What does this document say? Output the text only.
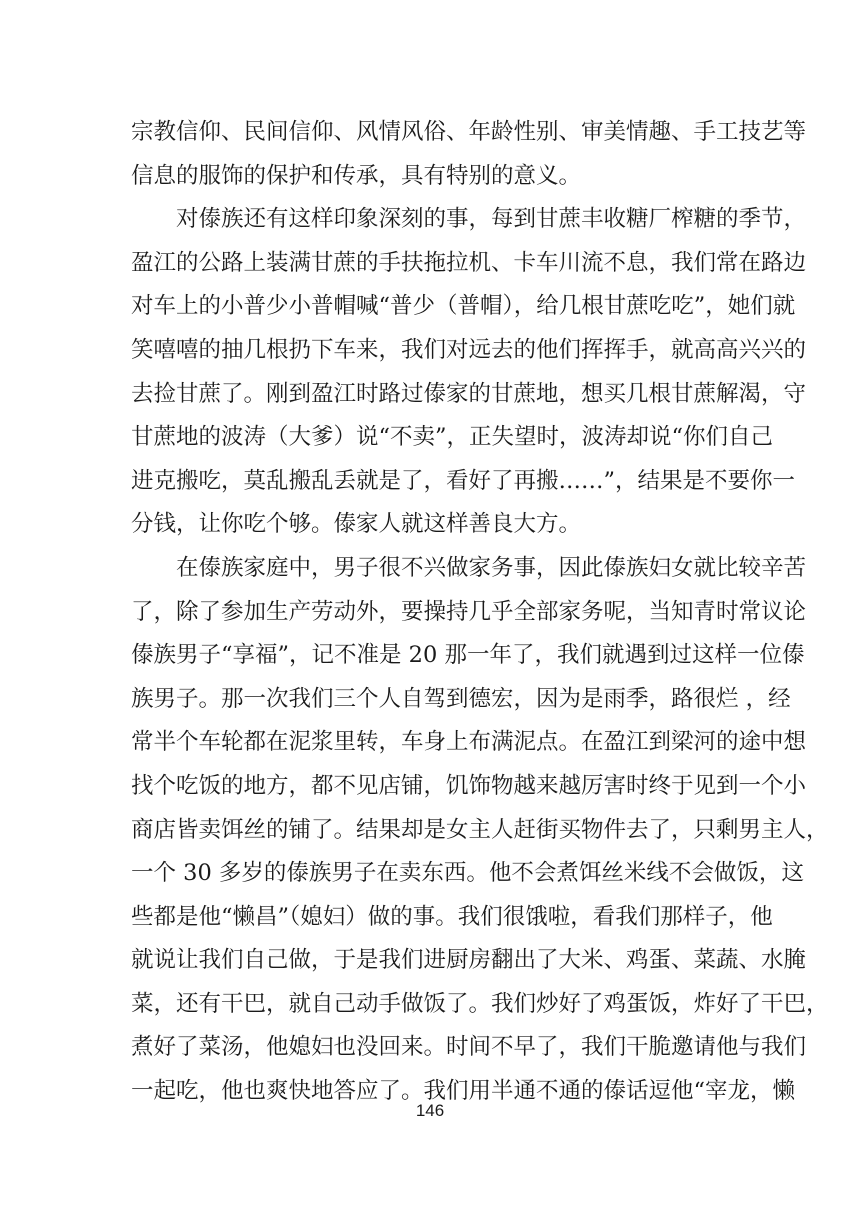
宗教信仰、民间信仰、风情风俗、年龄性别、审美情趣、手工技艺等
信息的服饰的保护和传承，具有特别的意义。
对傣族还有这样印象深刻的事，每到甘蔗丰收糖厂榨糖的季节，
盈江的公路上装满甘蔗的手扶拖拉机、卡车川流不息，我们常在路边
对车上的小普少小普帽喊“普少（普帽），给几根甘蔗吃吃”，她们就
笑嘻嘻的抽几根扔下车来，我们对远去的他们挥挥手，就高高兴兴的
去捡甘蔗了。刚到盈江时路过傣家的甘蔗地，想买几根甘蔗解渴，守
甘蔗地的波涛（大爹）说“不卖”，正失望时，波涛却说“你们自己
进克搬吃，莫乱搬乱丢就是了，看好了再搬……”，结果是不要你一
分钱，让你吃个够。傣家人就这样善良大方。
在傣族家庭中，男子很不兴做家务事，因此傣族妇女就比较辛苦
了，除了参加生产劳动外，要操持几乎全部家务呢，当知青时常议论
傣族男子“享福”，记不准是 20 那一年了，我们就遇到过这样一位傣
族男子。那一次我们三个人自驾到德宏，因为是雨季，路很烂 ，经
常半个车轮都在泥浆里转，车身上布满泥点。在盈江到梁河的途中想
找个吃饭的地方，都不见店铺，饥饰物越来越厉害时终于见到一个小
商店皆卖饵丝的铺了。结果却是女主人赶街买物件去了，只剩男主人，
一个 30 多岁的傣族男子在卖东西。他不会煮饵丝米线不会做饭，这
些都是他“懒昌”（媳妇）做的事。我们很饿啦，看我们那样子，他
就说让我们自己做，于是我们进厨房翻出了大米、鸡蛋、菜蔬、水腌
菜，还有干巴，就自己动手做饭了。我们炒好了鸡蛋饭，炸好了干巴，
煮好了菜汤，他媳妇也没回来。时间不早了，我们干脆邀请他与我们
一起吃，他也爽快地答应了。我们用半通不通的傣话逗他“宰龙，懒
146
